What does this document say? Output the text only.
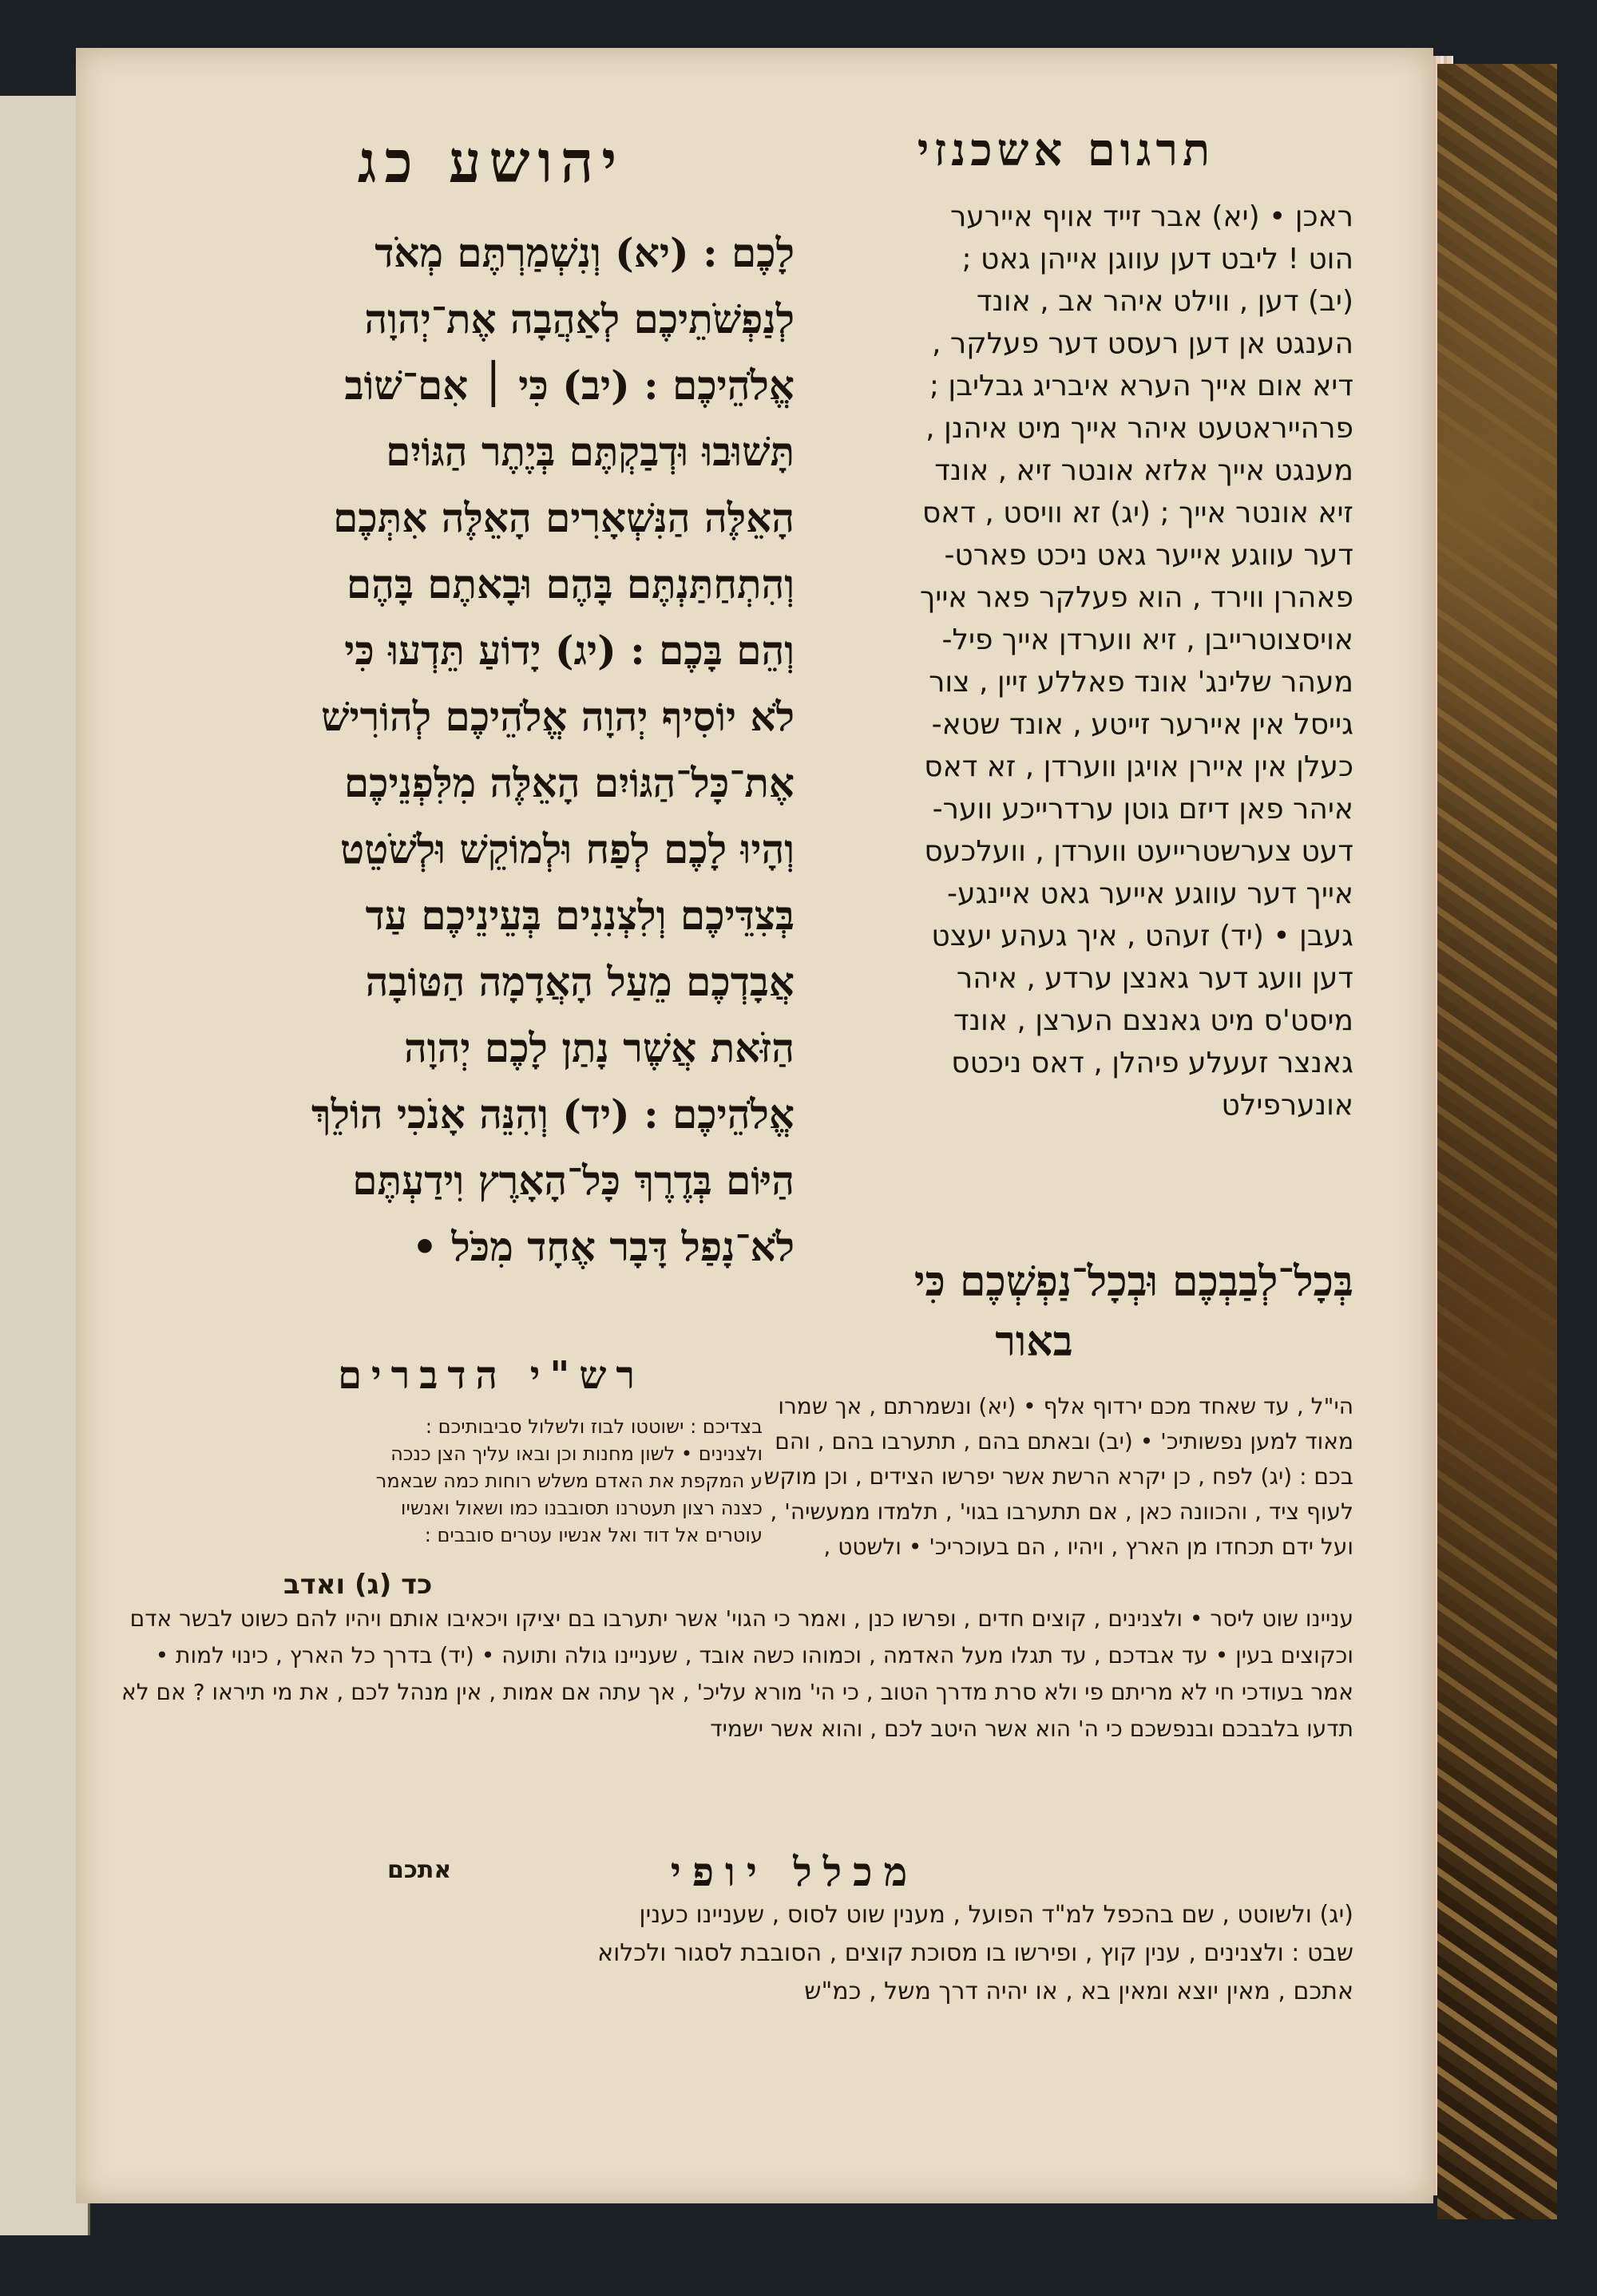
תרגום אשכנזי
יהושע כג
ראכן • (יא) אבר זייד אויף איירער
הוט ! ליבט דען עווגן אייהן גאט ;
(יב) דען , ווילט איהר אב , אונד
הענגט אן דען רעסט דער פעלקר ,
דיא אום אייך הערא איבריג גבליבן ;
פרהייראטעט איהר אייך מיט איהנן ,
מענגט אייך אלזא אונטר זיא , אונד
זיא אונטר אייך ; (יג) זא וויסט , דאס
דער עווגע אייער גאט ניכט פארט-
פאהרן ווירד , הוא פעלקר פאר אייך
אויסצוטרייבן , זיא ווערדן אייך פיל-
מעהר שלינג' אונד פאללע זיין , צור
גייסל אין איירער זייטע , אונד שטא-
כעלן אין איירן אויגן ווערדן , זא דאס
איהר פאן דיזם גוטן ערדרייכע ווער-
דעט צערשטרייעט ווערדן , וועלכעס
אייך דער עווגע אייער גאט איינגע-
געבן • (יד) זעהט , איך געהע יעצט
דען וועג דער גאנצן ערדע , איהר
מיסט'ס מיט גאנצם הערצן , אונד
גאנצר זעעלע פיהלן , דאס ניכטס
אונערפילט
לָכֶם : (יא) וְנִשְׁמַרְתֶּם מְאֹד
לְנַפְשֹׁתֵיכֶם לְאַהֲבָה אֶת־יְהוָה
אֱלֹהֵיכֶם : (יב) כִּי ׀ אִם־שׁוֹב
תָּשׁוּבוּ וּדְבַקְתֶּם בְּיֶתֶר הַגּוֹיִם
הָאֵלֶּה הַנִּשְׁאָרִים הָאֵלֶּה אִתְּכֶם
וְהִתְחַתַּנְתֶּם בָּהֶם וּבָאתֶם בָּהֶם
וְהֵם בָּכֶם : (יג) יָדוֹעַ תֵּדְעוּ כִּי
לֹא יוֹסִיף יְהוָה אֱלֹהֵיכֶם לְהוֹרִישׁ
אֶת־כָּל־הַגּוֹיִם הָאֵלֶּה מִלִּפְנֵיכֶם
וְהָיוּ לָכֶם לְפַח וּלְמוֹקֵשׁ וּלְשֹׁטֵט
בְּצִדֵּיכֶם וְלִצְנִנִים בְּעֵינֵיכֶם עַד
אֲבָדְכֶם מֵעַל הָאֲדָמָה הַטּוֹבָה
הַזֹּאת אֲשֶׁר נָתַן לָכֶם יְהוָה
אֱלֹהֵיכֶם : (יד) וְהִנֵּה אָנֹכִי הוֹלֵךְ
הַיּוֹם בְּדֶרֶךְ כָּל־הָאָרֶץ וִידַעְתֶּם
לֹא־נָפַל דָּבָר אֶחָד מִכֹּל •
בְּכָל־לְבַבְכֶם וּבְכָל־נַפְשְׁכֶם כִּי
באור
רש"י הדברים
בצדיכם : ישוטטו לבוז ולשלול סביבותיכם :
ולצנינים • לשון מחנות וכן ובאו עליך הצן כנכה
ע המקפת את האדם משלש רוחות כמה שבאמר
כצנה רצון תעטרנו תסובבנו כמו ושאול ואנשיו
עוטרים אל דוד ואל אנשיו עטרים סובבים :
כד (ג) ואדב
הי"ל , עד שאחד מכם ירדוף אלף • (יא) ונשמרתם , אך שמרו מאוד למען נפשותיכ' • (יב) ובאתם בהם , תתערבו בהם , והם בכם : (יג) לפח , כן יקרא הרשת אשר יפרשו הצידים , וכן מוקש לעוף ציד , והכוונה כאן , אם תתערבו בגוי' , תלמדו ממעשיה' , ועל ידם תכחדו מן הארץ , ויהיו , הם בעוכריכ' • ולשטט ,
עניינו שוט ליסר • ולצנינים , קוצים חדים , ופרשו כנן , ואמר כי הגוי' אשר יתערבו בם יציקו ויכאיבו אותם ויהיו להם כשוט לבשר אדם וכקוצים בעין • עד אבדכם , עד תגלו מעל האדמה , וכמוהו כשה אובד , שעניינו גולה ותועה • (יד) בדרך כל הארץ , כינוי למות • אמר בעודכי חי לא מריתם פי ולא סרת מדרך הטוב , כי הי' מורא עליכ' , אך עתה אם אמות , אין מנהל לכם , את מי תיראו ? אם לא תדעו בלבבכם ובנפשכם כי ה' הוא אשר היטב לכם , והוא אשר ישמיד
מכלל יופי
אתכם
(יג) ולשוטט , שם בהכפל למ"ד הפועל , מענין שוט לסוס , שעניינו כענין
שבט : ולצנינים , ענין קוץ , ופירשו בו מסוכת קוצים , הסובבת לסגור ולכלוא
אתכם , מאין יוצא ומאין בא , או יהיה דרך משל , כמ"ש
